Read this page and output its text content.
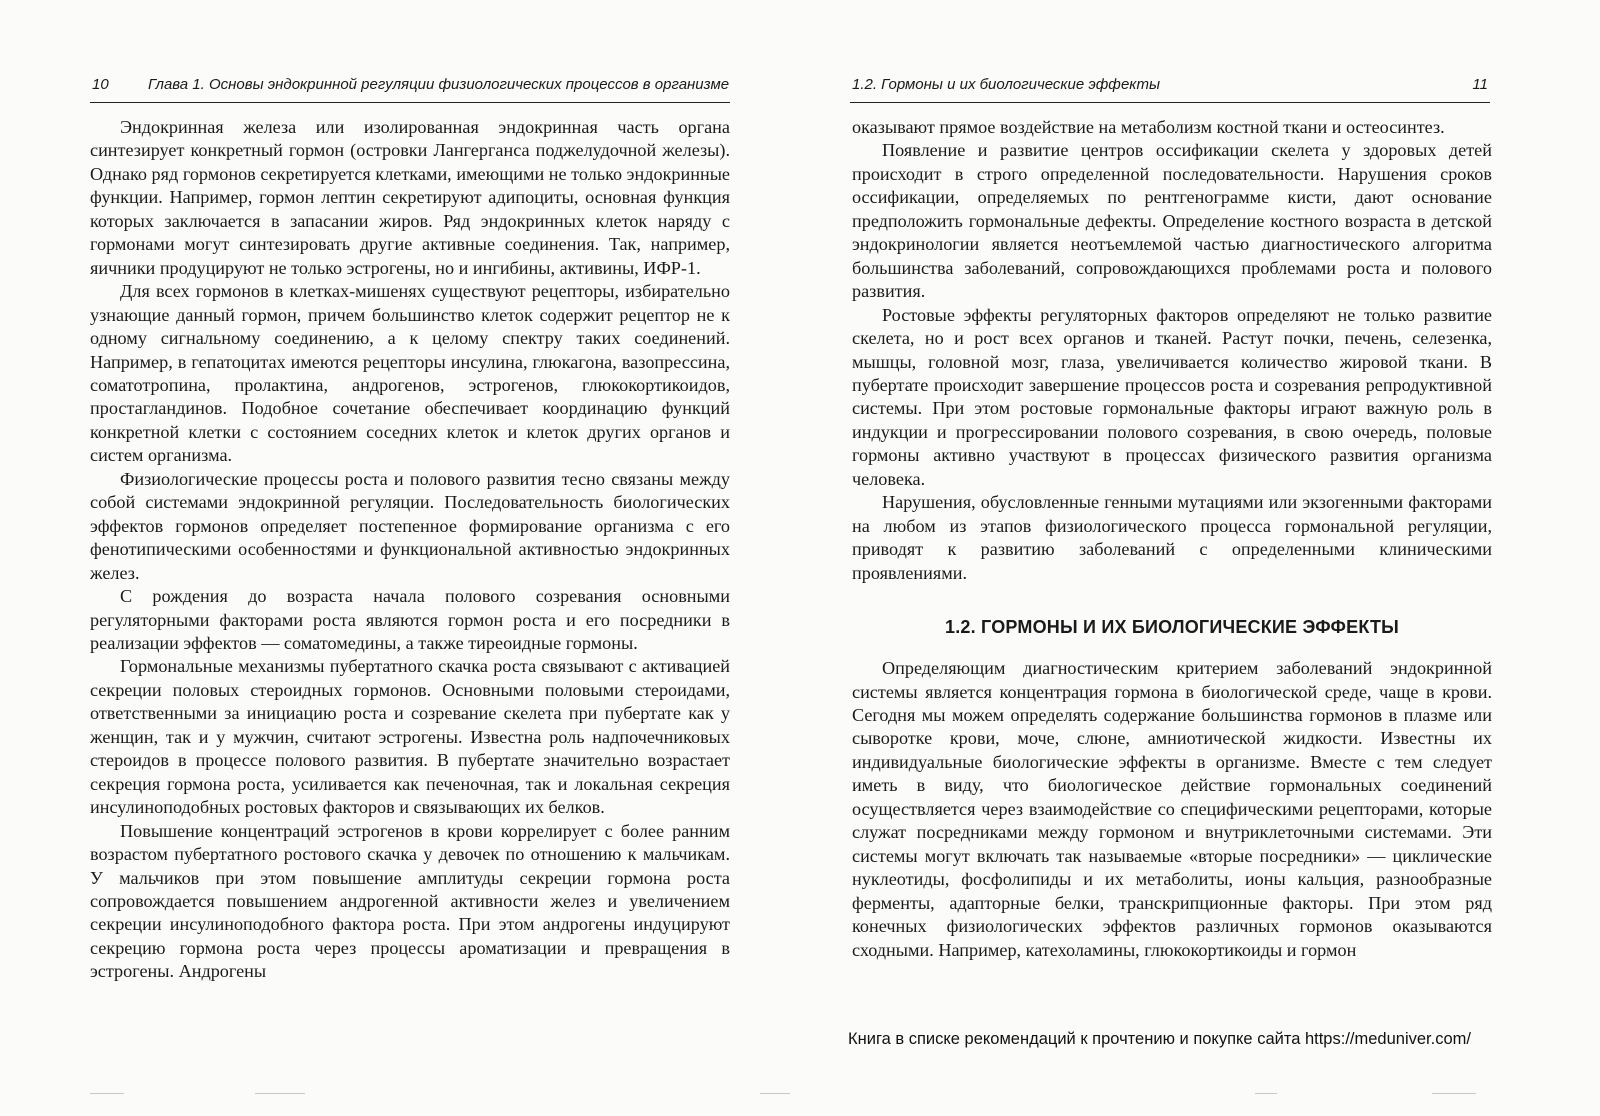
10	Глава 1. Основы эндокринной регуляции физиологических процессов в организме

Эндокринная железа или изолированная эндокринная часть органа синтезирует конкретный гормон (островки Лангерганса поджелудочной железы). Однако ряд гормонов секретируется клетками, имеющими не только эндокринные функции. Например, гормон лептин секретируют адипоциты, основная функция которых заключается в запасании жиров. Ряд эндокринных клеток наряду с гормонами могут синтезировать другие активные соединения. Так, например, яичники продуцируют не только эстрогены, но и ингибины, активины, ИФР-1.

Для всех гормонов в клетках-мишенях существуют рецепторы, избирательно узнающие данный гормон, причем большинство клеток содержит рецептор не к одному сигнальному соединению, а к целому спектру таких соединений. Например, в гепатоцитах имеются рецепторы инсулина, глюкагона, вазопрессина, соматотропина, пролактина, андрогенов, эстрогенов, глюкокортикоидов, простагландинов. Подобное сочетание обеспечивает координацию функций конкретной клетки с состоянием соседних клеток и клеток других органов и систем организма.

Физиологические процессы роста и полового развития тесно связаны между собой системами эндокринной регуляции. Последовательность биологических эффектов гормонов определяет постепенное формирование организма с его фенотипическими особенностями и функциональной активностью эндокринных желез.

С рождения до возраста начала полового созревания основными регуляторными факторами роста являются гормон роста и его посредники в реализации эффектов — соматомедины, а также тиреоидные гормоны.

Гормональные механизмы пубертатного скачка роста связывают с активацией секреции половых стероидных гормонов. Основными половыми стероидами, ответственными за инициацию роста и созревание скелета при пубертате как у женщин, так и у мужчин, считают эстрогены. Известна роль надпочечниковых стероидов в процессе полового развития. В пубертате значительно возрастает секреция гормона роста, усиливается как печеночная, так и локальная секреция инсулиноподобных ростовых факторов и связывающих их белков.

Повышение концентраций эстрогенов в крови коррелирует с более ранним возрастом пубертатного ростового скачка у девочек по отношению к мальчикам. У мальчиков при этом повышение амплитуды секреции гормона роста сопровождается повышением андрогенной активности желез и увеличением секреции инсулиноподобного фактора роста. При этом андрогены индуцируют секрецию гормона роста через процессы ароматизации и превращения в эстрогены. Андрогены

1.2. Гормоны и их биологические эффекты	11

оказывают прямое воздействие на метаболизм костной ткани и остеосинтез.

Появление и развитие центров оссификации скелета у здоровых детей происходит в строго определенной последовательности. Нарушения сроков оссификации, определяемых по рентгенограмме кисти, дают основание предположить гормональные дефекты. Определение костного возраста в детской эндокринологии является неотъемлемой частью диагностического алгоритма большинства заболеваний, сопровождающихся проблемами роста и полового развития.

Ростовые эффекты регуляторных факторов определяют не только развитие скелета, но и рост всех органов и тканей. Растут почки, печень, селезенка, мышцы, головной мозг, глаза, увеличивается количество жировой ткани. В пубертате происходит завершение процессов роста и созревания репродуктивной системы. При этом ростовые гормональные факторы играют важную роль в индукции и прогрессировании полового созревания, в свою очередь, половые гормоны активно участвуют в процессах физического развития организма человека.

Нарушения, обусловленные генными мутациями или экзогенными факторами на любом из этапов физиологического процесса гормональной регуляции, приводят к развитию заболеваний с определенными клиническими проявлениями.

1.2. ГОРМОНЫ И ИХ БИОЛОГИЧЕСКИЕ ЭФФЕКТЫ

Определяющим диагностическим критерием заболеваний эндокринной системы является концентрация гормона в биологической среде, чаще в крови. Сегодня мы можем определять содержание большинства гормонов в плазме или сыворотке крови, моче, слюне, амниотической жидкости. Известны их индивидуальные биологические эффекты в организме. Вместе с тем следует иметь в виду, что биологическое действие гормональных соединений осуществляется через взаимодействие со специфическими рецепторами, которые служат посредниками между гормоном и внутриклеточными системами. Эти системы могут включать так называемые «вторые посредники» — циклические нуклеотиды, фосфолипиды и их метаболиты, ионы кальция, разнообразные ферменты, адапторные белки, транскрипционные факторы. При этом ряд конечных физиологических эффектов различных гормонов оказываются сходными. Например, катехоламины, глюкокортикоиды и гормон

Книга в списке рекомендаций к прочтению и покупке сайта https://meduniver.com/
